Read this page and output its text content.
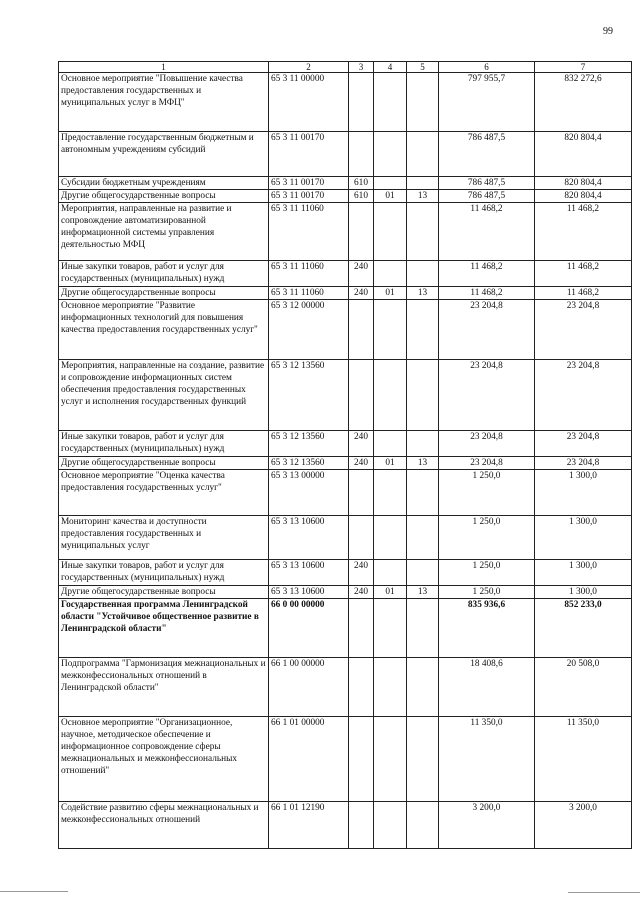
99
1	2	3	4	5	6	7
Основное мероприятие "Повышение качества предоставления государственных и муниципальных услуг в МФЦ"	65 3 11 00000				797 955,7	832 272,6
Предоставление государственным бюджетным и автономным учреждениям субсидий	65 3 11 00170				786 487,5	820 804,4
Субсидии бюджетным учреждениям	65 3 11 00170	610			786 487,5	820 804,4
Другие общегосударственные вопросы	65 3 11 00170	610	01	13	786 487,5	820 804,4
Мероприятия, направленные на развитие и сопровождение автоматизированной информационной системы управления деятельностью МФЦ	65 3 11 11060				11 468,2	11 468,2
Иные закупки товаров, работ и услуг для государственных (муниципальных) нужд	65 3 11 11060	240			11 468,2	11 468,2
Другие общегосударственные вопросы	65 3 11 11060	240	01	13	11 468,2	11 468,2
Основное мероприятие "Развитие информационных технологий для повышения качества предоставления государственных услуг"	65 3 12 00000				23 204,8	23 204,8
Мероприятия, направленные на создание, развитие и сопровождение информационных систем обеспечения предоставления государственных услуг и исполнения государственных функций	65 3 12 13560				23 204,8	23 204,8
Иные закупки товаров, работ и услуг для государственных (муниципальных) нужд	65 3 12 13560	240			23 204,8	23 204,8
Другие общегосударственные вопросы	65 3 12 13560	240	01	13	23 204,8	23 204,8
Основное мероприятие "Оценка качества предоставления государственных услуг"	65 3 13 00000				1 250,0	1 300,0
Мониторинг качества и доступности предоставления государственных и муниципальных услуг	65 3 13 10600				1 250,0	1 300,0
Иные закупки товаров, работ и услуг для государственных (муниципальных) нужд	65 3 13 10600	240			1 250,0	1 300,0
Другие общегосударственные вопросы	65 3 13 10600	240	01	13	1 250,0	1 300,0
Государственная программа Ленинградской области "Устойчивое общественное развитие в Ленинградской области"	66 0 00 00000				835 936,6	852 233,0
Подпрограмма "Гармонизация межнациональных и межконфессиональных отношений в Ленинградской области"	66 1 00 00000				18 408,6	20 508,0
Основное мероприятие "Организационное, научное, методическое обеспечение и информационное сопровождение сферы межнациональных и межконфессиональных отношений"	66 1 01 00000				11 350,0	11 350,0
Содействие развитию сферы межнациональных и межконфессиональных отношений	66 1 01 12190				3 200,0	3 200,0
